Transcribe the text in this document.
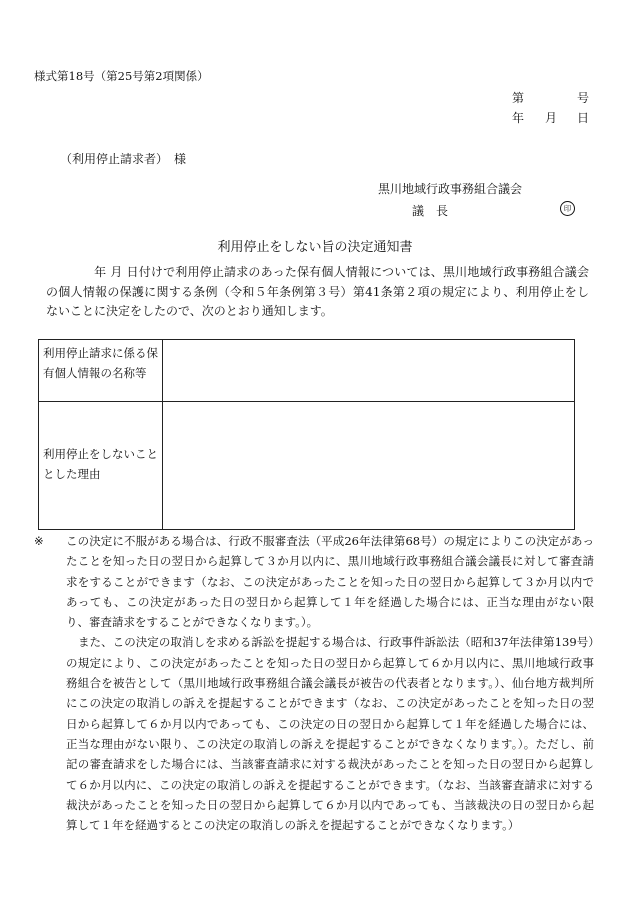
様式第18号（第25号第2項関係）
第	号
年 月 日
（利用停止請求者）　様
黒川地域行政事務組合議会
議　長	印
利用停止をしない旨の決定通知書
年 月 日付けで利用停止請求のあった保有個人情報については、黒川地域行政事務組合議会の個人情報の保護に関する条例（令和５年条例第３号）第41条第２項の規定により、利用停止をしないことに決定をしたので、次のとおり通知します。
利用停止請求に係る保有個人情報の名称等
利用停止をしないこととした理由
※	この決定に不服がある場合は、行政不服審査法（平成26年法律第68号）の規定によりこの決定があったことを知った日の翌日から起算して３か月以内に、黒川地域行政事務組合議会議長に対して審査請求をすることができます（なお、この決定があったことを知った日の翌日から起算して３か月以内であっても、この決定があった日の翌日から起算して１年を経過した場合には、正当な理由がない限り、審査請求をすることができなくなります。）。

また、この決定の取消しを求める訴訟を提起する場合は、行政事件訴訟法（昭和37年法律第139号）の規定により、この決定があったことを知った日の翌日から起算して６か月以内に、黒川地域行政事務組合を被告として（黒川地域行政事務組合議会議長が被告の代表者となります。）、仙台地方裁判所にこの決定の取消しの訴えを提起することができます（なお、この決定があったことを知った日の翌日から起算して６か月以内であっても、この決定の日の翌日から起算して１年を経過した場合には、正当な理由がない限り、この決定の取消しの訴えを提起することができなくなります。）。ただし、前記の審査請求をした場合には、当該審査請求に対する裁決があったことを知った日の翌日から起算して６か月以内に、この決定の取消しの訴えを提起することができます。（なお、当該審査請求に対する裁決があったことを知った日の翌日から起算して６か月以内であっても、当該裁決の日の翌日から起算して１年を経過するとこの決定の取消しの訴えを提起することができなくなります。）
